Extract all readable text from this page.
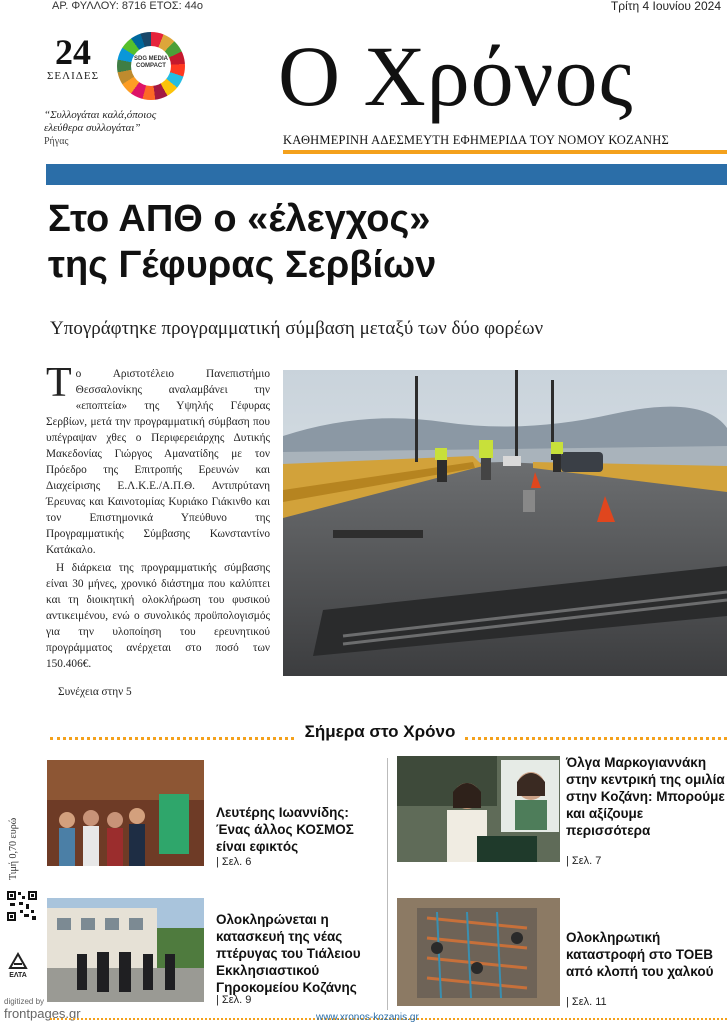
ΑΡ. ΦΥΛΛΟΥ: 8716 ΕΤΟΣ: 44ο	Τρίτη 4 Ιουνίου 2024
24
ΣΕΛΙΔΕΣ
SDG MEDIA COMPACT
“Συλλογάται καλά,όποιος ελεύθερα συλλογάται”
Ρήγας
Ο Χρόνος
ΚΑΘΗΜΕΡΙΝΗ ΑΔΕΣΜΕΥΤΗ ΕΦΗΜΕΡΙΔΑ ΤΟΥ ΝΟΜΟΥ ΚΟΖΑΝΗΣ
Στο ΑΠΘ ο «έλεγχος»
της Γέφυρας Σερβίων
Υπογράφτηκε προγραμματική σύμβαση μεταξύ των δύο φορέων

Το Αριστοτέλειο Πανεπιστήμιο Θεσσαλονίκης αναλαμβάνει την «εποπτεία» της Υψηλής Γέφυρας Σερβίων, μετά την προγραμματική σύμβαση που υπέγραψαν χθες ο Περιφερειάρχης Δυτικής Μακεδονίας Γιώργος Αμανατίδης με τον Πρόεδρο της Επιτροπής Ερευνών και Διαχείρισης Ε.Λ.Κ.Ε./Α.Π.Θ. Αντιπρύτανη Έρευνας και Καινοτομίας Κυριάκο Γιάκινθο και τον Επιστημονικά Υπεύθυνο της Προγραμματικής Σύμβασης Κωνσταντίνο Κατάκαλο.

Η διάρκεια της προγραμματικής σύμβασης είναι 30 μήνες, χρονικό διάστημα που καλύπτει και τη διοικητική ολοκλήρωση του φυσικού αντικειμένου, ενώ ο συνολικός προϋπολογισμός για την υλοποίηση του ερευνητικού προγράμματος ανέρχεται στο ποσό των 150.406€.

Συνέχεια στην 5

Σήμερα στο Χρόνο
Λευτέρης Ιωαννίδης: Ένας άλλος ΚΟΣΜΟΣ είναι εφικτός
| Σελ. 6
Όλγα Μαρκογιαννάκη στην κεντρική της ομιλία στην Κοζάνη: Μπορούμε και αξίζουμε περισσότερα
| Σελ. 7
Ολοκληρώνεται η κατασκευή της νέας πτέρυγας του Τιάλειου Εκκλησιαστικού Γηροκομείου Κοζάνης
| Σελ. 9
Ολοκληρωτική καταστροφή στο ΤΟΕΒ από κλοπή του χαλκού
| Σελ. 11
Τιμή 0,70 ευρώ
ΕΛΤΑ
digitized by
frontpages.gr	www.xronos-kozanis.gr
